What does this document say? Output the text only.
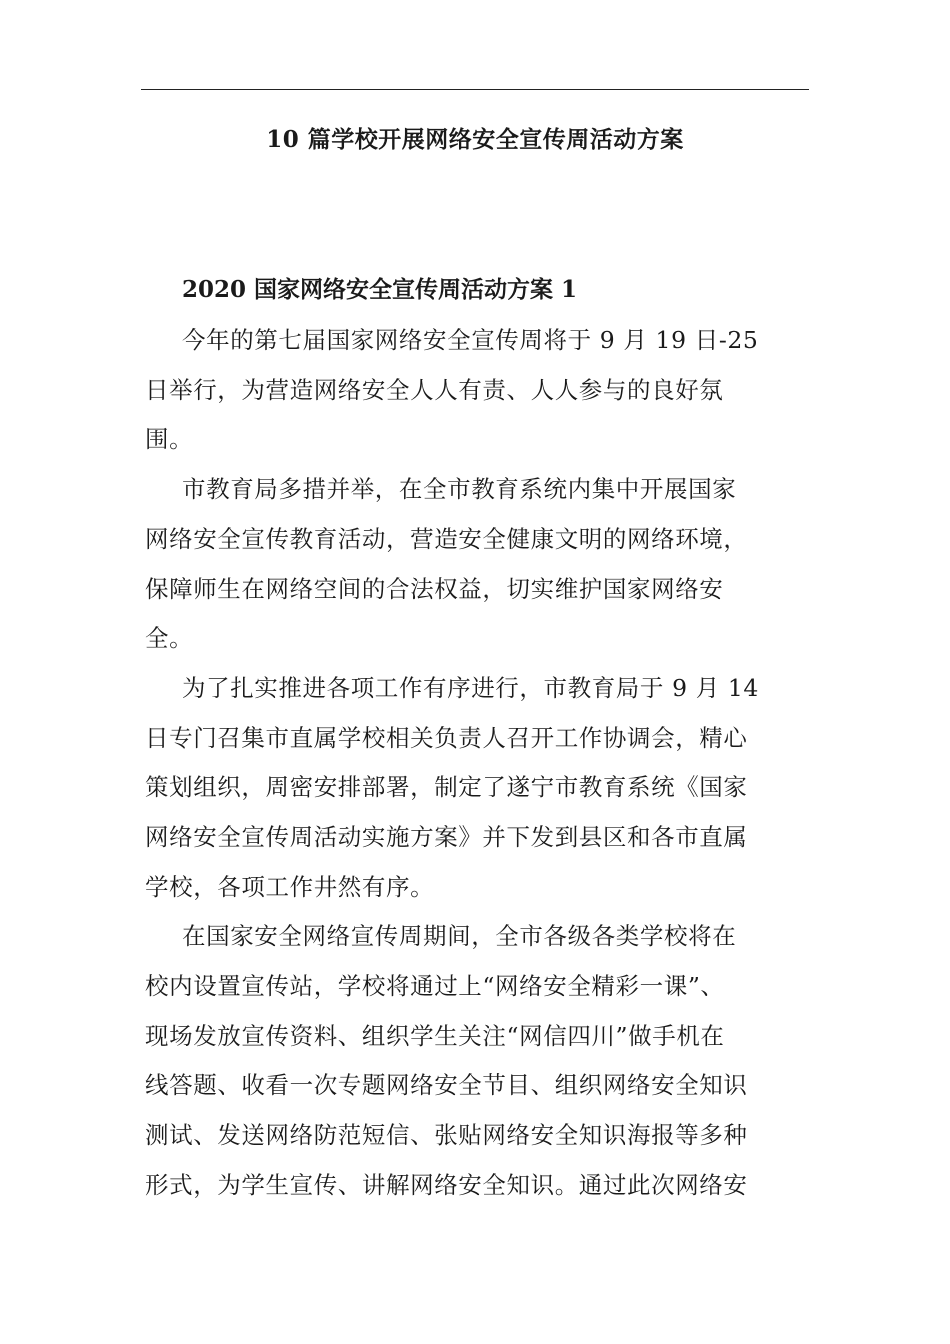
10 篇学校开展网络安全宣传周活动方案
2020 国家网络安全宣传周活动方案 1
今年的第七届国家网络安全宣传周将于 9 月 19 日-25
日举行，为营造网络安全人人有责、人人参与的良好氛
围。
市教育局多措并举，在全市教育系统内集中开展国家
网络安全宣传教育活动，营造安全健康文明的网络环境，
保障师生在网络空间的合法权益，切实维护国家网络安
全。
为了扎实推进各项工作有序进行，市教育局于 9 月 14
日专门召集市直属学校相关负责人召开工作协调会，精心
策划组织，周密安排部署，制定了遂宁市教育系统《国家
网络安全宣传周活动实施方案》并下发到县区和各市直属
学校，各项工作井然有序。
在国家安全网络宣传周期间，全市各级各类学校将在
校内设置宣传站，学校将通过上“网络安全精彩一课”、
现场发放宣传资料、组织学生关注“网信四川”做手机在
线答题、收看一次专题网络安全节目、组织网络安全知识
测试、发送网络防范短信、张贴网络安全知识海报等多种
形式，为学生宣传、讲解网络安全知识。通过此次网络安
